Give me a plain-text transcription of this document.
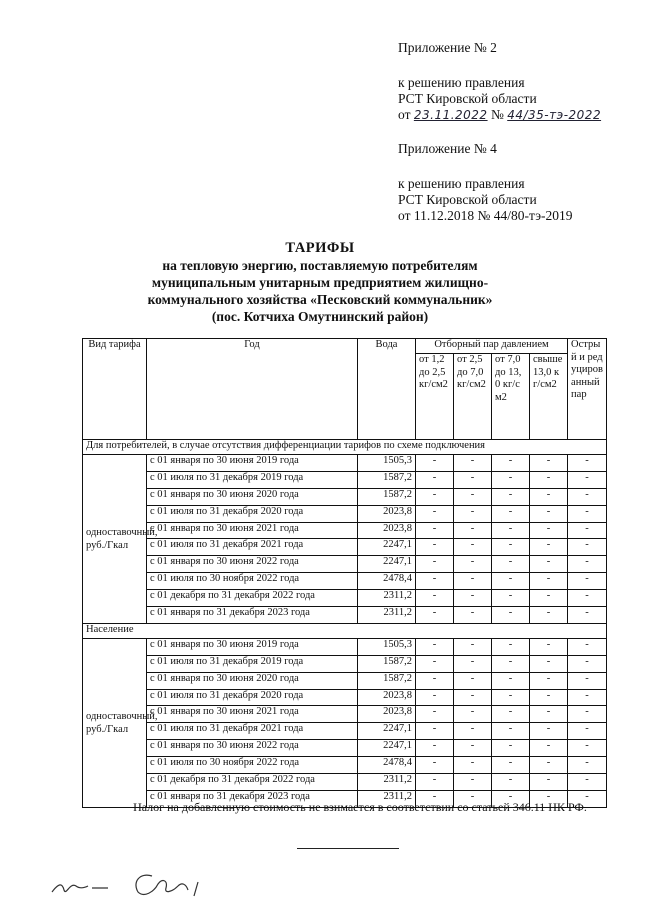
Приложение № 2
к решению правления
РСТ Кировской области
от 23.11.2022 № 44/35-тэ-2022
Приложение № 4
к решению правления
РСТ Кировской области
от 11.12.2018 № 44/80-тэ-2019
ТАРИФЫ
на тепловую энергию, поставляемую потребителям
муниципальным унитарным предприятием жилищно-
коммунального хозяйства «Песковский коммунальник»
(пос. Котчиха Омутнинский район)
Вид тарифа	Год	Вода	Отборный пар давлением				Острый и редуцированный пар
			от 1,2 до 2,5 кг/см2	от 2,5 до 7,0 кг/см2	от 7,0 до 13,0 кг/см2	свыше 13,0 кг/см2	
Для потребителей, в случае отсутствия дифференциации тарифов по схеме подключения							
одноставочный, руб./Гкал	с 01 января по 30 июня 2019 года	1505,3	-	-	-	-	-
	с 01 июля по 31 декабря 2019 года	1587,2	-	-	-	-	-
	с 01 января по 30 июня 2020 года	1587,2	-	-	-	-	-
	с 01 июля по 31 декабря 2020 года	2023,8	-	-	-	-	-
	с 01 января по 30 июня 2021 года	2023,8	-	-	-	-	-
	с 01 июля по 31 декабря 2021 года	2247,1	-	-	-	-	-
	с 01 января по 30 июня 2022 года	2247,1	-	-	-	-	-
	с 01 июля по 30 ноября 2022 года	2478,4	-	-	-	-	-
	с 01 декабря по 31 декабря 2022 года	2311,2	-	-	-	-	-
	с 01 января по 31 декабря 2023 года	2311,2	-	-	-	-	-
Население							
одноставочный, руб./Гкал	с 01 января по 30 июня 2019 года	1505,3	-	-	-	-	-
	с 01 июля по 31 декабря 2019 года	1587,2	-	-	-	-	-
	с 01 января по 30 июня 2020 года	1587,2	-	-	-	-	-
	с 01 июля по 31 декабря 2020 года	2023,8	-	-	-	-	-
	с 01 января по 30 июня 2021 года	2023,8	-	-	-	-	-
	с 01 июля по 31 декабря 2021 года	2247,1	-	-	-	-	-
	с 01 января по 30 июня 2022 года	2247,1	-	-	-	-	-
	с 01 июля по 30 ноября 2022 года	2478,4	-	-	-	-	-
	с 01 декабря по 31 декабря 2022 года	2311,2	-	-	-	-	-
	с 01 января по 31 декабря 2023 года	2311,2	-	-	-	-	-
Налог на добавленную стоимость не взимается в соответствии со статьей 346.11 НК РФ.
